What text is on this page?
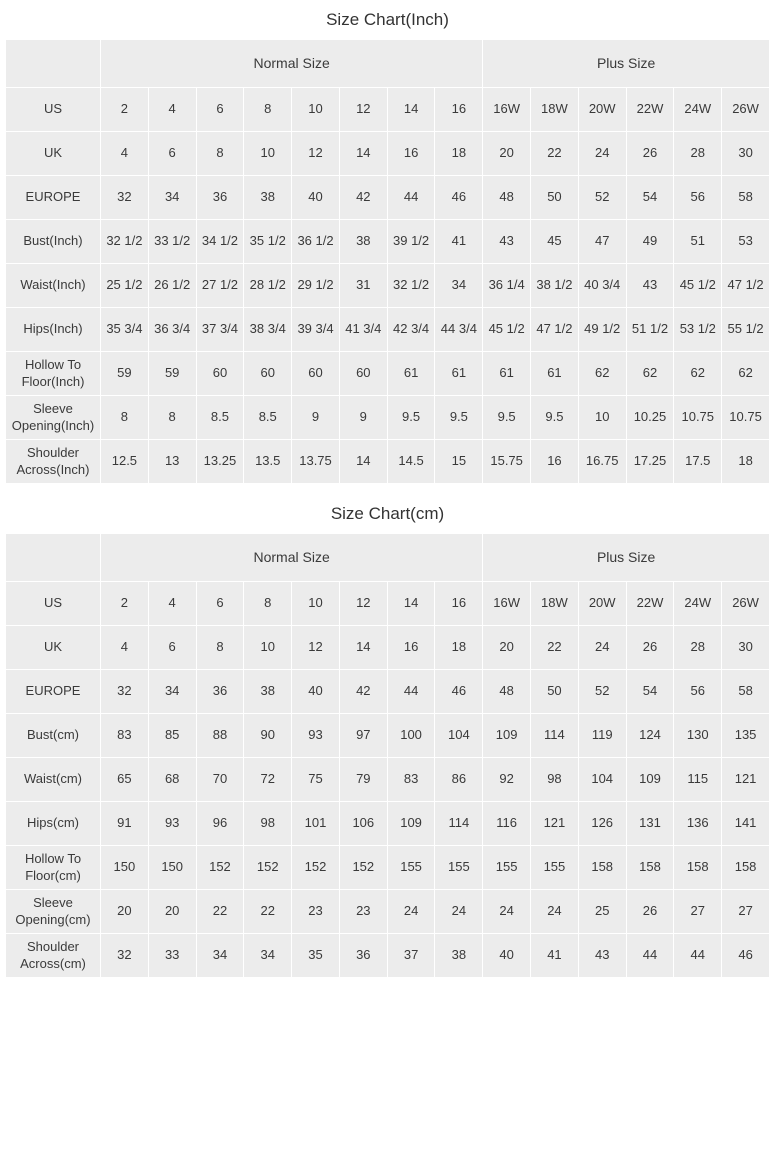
Size Chart(Inch)
	Normal Size								Plus Size					
US	2	4	6	8	10	12	14	16	16W	18W	20W	22W	24W	26W
UK	4	6	8	10	12	14	16	18	20	22	24	26	28	30
EUROPE	32	34	36	38	40	42	44	46	48	50	52	54	56	58
Bust(Inch)	32 1/2	33 1/2	34 1/2	35 1/2	36 1/2	38	39 1/2	41	43	45	47	49	51	53
Waist(Inch)	25 1/2	26 1/2	27 1/2	28 1/2	29 1/2	31	32 1/2	34	36 1/4	38 1/2	40 3/4	43	45 1/2	47 1/2
Hips(Inch)	35 3/4	36 3/4	37 3/4	38 3/4	39 3/4	41 3/4	42 3/4	44 3/4	45 1/2	47 1/2	49 1/2	51 1/2	53 1/2	55 1/2
Hollow To Floor(Inch)	59	59	60	60	60	60	61	61	61	61	62	62	62	62
Sleeve Opening(Inch)	8	8	8.5	8.5	9	9	9.5	9.5	9.5	9.5	10	10.25	10.75	10.75
Shoulder Across(Inch)	12.5	13	13.25	13.5	13.75	14	14.5	15	15.75	16	16.75	17.25	17.5	18
Size Chart(cm)
	Normal Size								Plus Size					
US	2	4	6	8	10	12	14	16	16W	18W	20W	22W	24W	26W
UK	4	6	8	10	12	14	16	18	20	22	24	26	28	30
EUROPE	32	34	36	38	40	42	44	46	48	50	52	54	56	58
Bust(cm)	83	85	88	90	93	97	100	104	109	114	119	124	130	135
Waist(cm)	65	68	70	72	75	79	83	86	92	98	104	109	115	121
Hips(cm)	91	93	96	98	101	106	109	114	116	121	126	131	136	141
Hollow To Floor(cm)	150	150	152	152	152	152	155	155	155	155	158	158	158	158
Sleeve Opening(cm)	20	20	22	22	23	23	24	24	24	24	25	26	27	27
Shoulder Across(cm)	32	33	34	34	35	36	37	38	40	41	43	44	44	46
